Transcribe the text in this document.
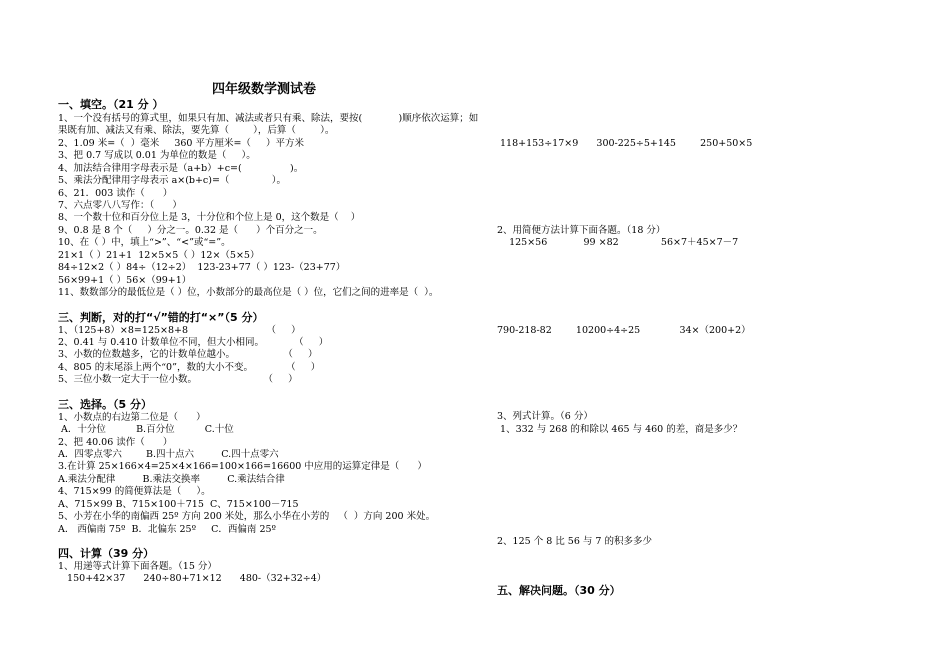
四年级数学测试卷
一、填空。（21 分 ）
1、一个没有括号的算式里，如果只有加、减法或者只有乘、除法，要按(            )顺序依次运算；如
果既有加、减法又有乘、除法，要先算（        ），后算（        ）。
2、1.09 米=（  ）毫米     360 平方厘米=（     ）平方米
3、把 0.7 写成以 0.01 为单位的数是（     ）。
4、加法结合律用字母表示是（a+b）+c=(                )。
5、乘法分配律用字母表示 a×(b+c)=（              ）。
6、21．003 读作（      ）
7、六点零八八写作：（      ）
8、一个数十位和百分位上是 3，十分位和个位上是 0，这个数是（    ）
9、0.8 是 8 个（     ）分之一。0.32 是（      ）个百分之一。
10、在（ ）中，填上“>”、“<”或“=”。
21×1（ ）21+1  12×5×5（ ）12×（5×5）
84÷12×2（ ）84÷（12÷2）  123-23+77（ ）123-（23+77）
56×99+1（ ）56×（99+1）
11、数数部分的最低位是（ ）位，小数部分的最高位是（ ）位，它们之间的进率是（  ）。
三、判断，对的打“√”错的打“×”（5 分）
1、（125+8）×8=125×8+8                          （     ）
2、0.41 与 0.410 计数单位不同，但大小相同。          （     ）
3、小数的位数越多，它的计数单位越小。                （     ）
4、805 的末尾添上两个“0”，数的大小不变。           （     ）
5、三位小数一定大于一位小数。                      （     ）
三、选择。（5 分）
1、小数点的右边第二位是（      ）
A．十分位          B.百分位          C.十位
2、把 40.06 读作（      ）
A．四零点零六        B.四十点六         C.四十点零六
3.在计算 25×166×4=25×4×166=100×166=16600 中应用的运算定律是（      ）
A.乘法分配律         B.乘法交换率         C.乘法结合律
4、715×99 的简便算法是（     ）。
A、715×99 B、715×100＋715  C、715×100－715
5、小芳在小华的南偏西 25º 方向 200 米处，那么小华在小芳的   （  ）方向 200 米处。
A． 西偏南 75º  B．北偏东 25º     C．西偏南 25º
四、计算（39 分）
1、用递等式计算下面各题。（15 分）
150+42×37      240÷80+71×12      480-（32+32÷4）
118+153÷17×9      300-225÷5+145        250+50×5
2、用简便方法计算下面各题。（18 分）
125×56            99 ×82              56×7＋45×7－7
790-218-82        10200÷4÷25             34×（200+2）
3、列式计算。（6 分）
1、332 与 268 的和除以 465 与 460 的差，商是多少？
2、125 个 8 比 56 与 7 的积多多少
五、解决问题。（30 分）
